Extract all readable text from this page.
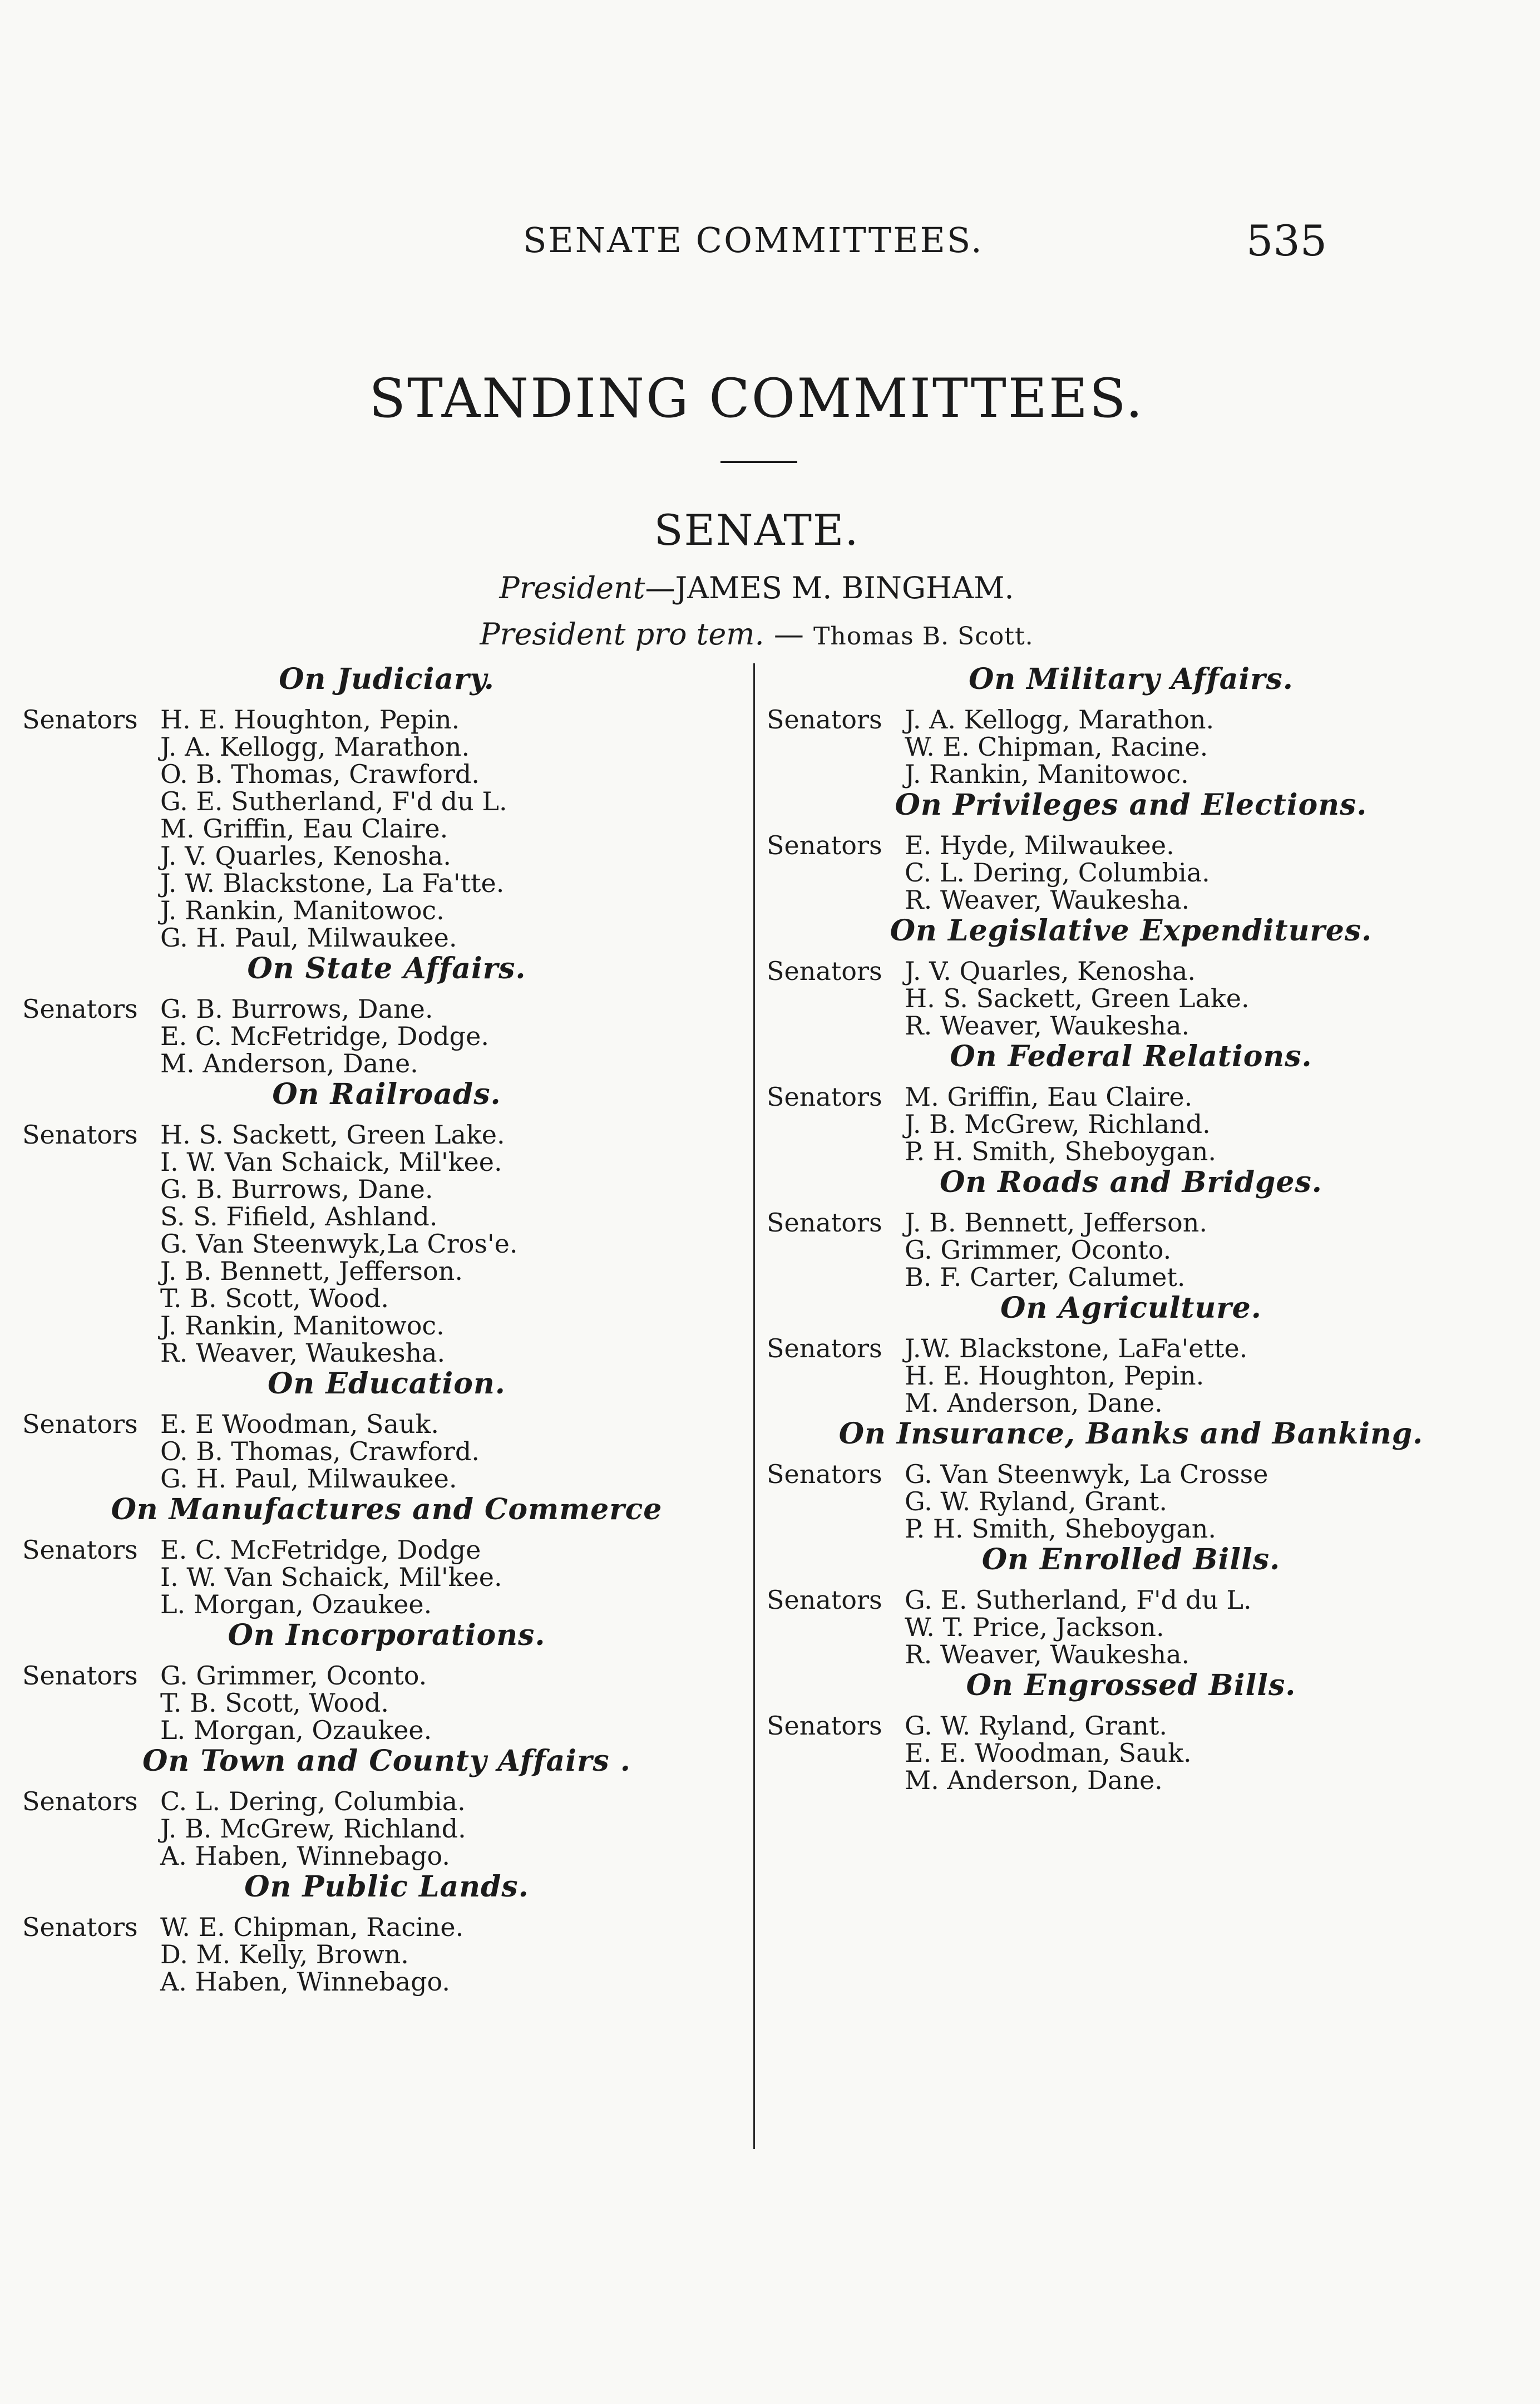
SENATE COMMITTEES.	535
STANDING COMMITTEES.
SENATE.
President—JAMES M. BINGHAM.
President pro tem. — Thomas B. Scott.
On Judiciary.
Senators H. E. Houghton, Pepin.
J. A. Kellogg, Marathon.
O. B. Thomas, Crawford.
G. E. Sutherland, F'd du L.
M. Griffin, Eau Claire.
J. V. Quarles, Kenosha.
J. W. Blackstone, La Fa'tte.
J. Rankin, Manitowoc.
G. H. Paul, Milwaukee.
On State Affairs.
Senators G. B. Burrows, Dane.
E. C. McFetridge, Dodge.
M. Anderson, Dane.
On Railroads.
Senators H. S. Sackett, Green Lake.
I. W. Van Schaick, Mil'kee.
G. B. Burrows, Dane.
S. S. Fifield, Ashland.
G. Van Steenwyk,La Cros'e.
J. B. Bennett, Jefferson.
T. B. Scott, Wood.
J. Rankin, Manitowoc.
R. Weaver, Waukesha.
On Education.
Senators E. E Woodman, Sauk.
O. B. Thomas, Crawford.
G. H. Paul, Milwaukee.
On Manufactures and Commerce
Senators E. C. McFetridge, Dodge
I. W. Van Schaick, Mil'kee.
L. Morgan, Ozaukee.
On Incorporations.
Senators G. Grimmer, Oconto.
T. B. Scott, Wood.
L. Morgan, Ozaukee.
On Town and County Affairs .
Senators C. L. Dering, Columbia.
J. B. McGrew, Richland.
A. Haben, Winnebago.
On Public Lands.
Senators W. E. Chipman, Racine.
D. M. Kelly, Brown.
A. Haben, Winnebago.
On Military Affairs.
Senators J. A. Kellogg, Marathon.
W. E. Chipman, Racine.
J. Rankin, Manitowoc.
On Privileges and Elections.
Senators E. Hyde, Milwaukee.
C. L. Dering, Columbia.
R. Weaver, Waukesha.
On Legislative Expenditures.
Senators J. V. Quarles, Kenosha.
H. S. Sackett, Green Lake.
R. Weaver, Waukesha.
On Federal Relations.
Senators M. Griffin, Eau Claire.
J. B. McGrew, Richland.
P. H. Smith, Sheboygan.
On Roads and Bridges.
Senators J. B. Bennett, Jefferson.
G. Grimmer, Oconto.
B. F. Carter, Calumet.
On Agriculture.
Senators J.W. Blackstone, LaFa'ette.
H. E. Houghton, Pepin.
M. Anderson, Dane.
On Insurance, Banks and Banking.
Senators G. Van Steenwyk, La Crosse
G. W. Ryland, Grant.
P. H. Smith, Sheboygan.
On Enrolled Bills.
Senators G. E. Sutherland, F'd du L.
W. T. Price, Jackson.
R. Weaver, Waukesha.
On Engrossed Bills.
Senators G. W. Ryland, Grant.
E. E. Woodman, Sauk.
M. Anderson, Dane.
